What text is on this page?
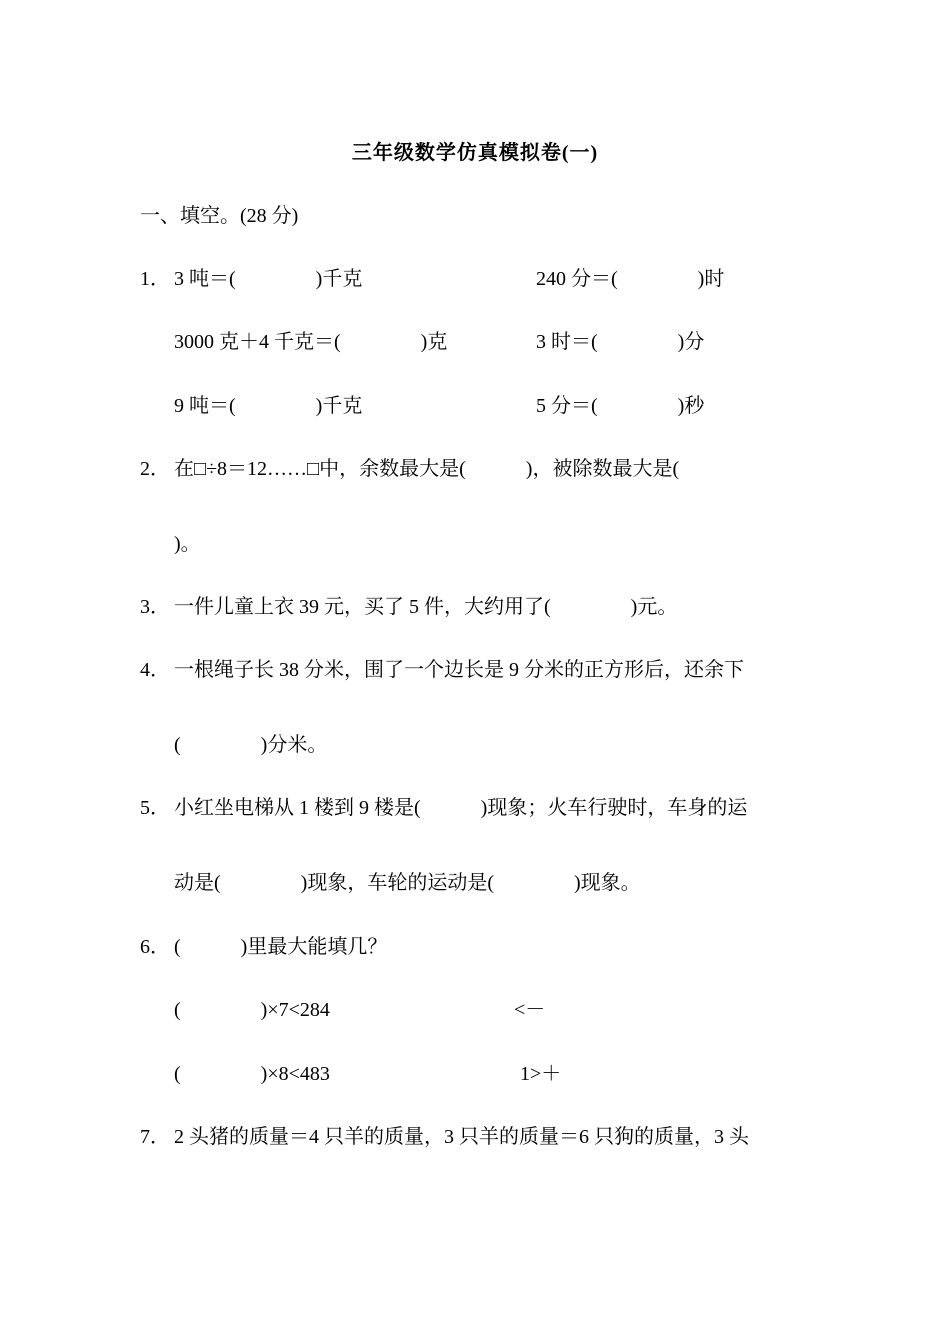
三年级数学仿真模拟卷(一)
一、填空。(28 分)
1． 3 吨＝(　　　　)千克	240 分＝(　　　　)时
3000 克＋4 千克＝(　　　　)克	3 时＝(　　　　)分
9 吨＝(　　　　)千克	5 分＝(　　　　)秒
2． 在□÷8＝12……□中，余数最大是(　　　)，被除数最大是(
)。
3． 一件儿童上衣 39 元，买了 5 件，大约用了(　　　　)元。
4． 一根绳子长 38 分米，围了一个边长是 9 分米的正方形后，还余下
(　　　　)分米。
5． 小红坐电梯从 1 楼到 9 楼是(　　　)现象；火车行驶时，车身的运
动是(　　　　)现象，车轮的运动是(　　　　)现象。
6． (　　　)里最大能填几？
(　　　　)×7<284	<－
(　　　　)×8<483	1>＋
7． 2 头猪的质量＝4 只羊的质量，3 只羊的质量＝6 只狗的质量，3 头
